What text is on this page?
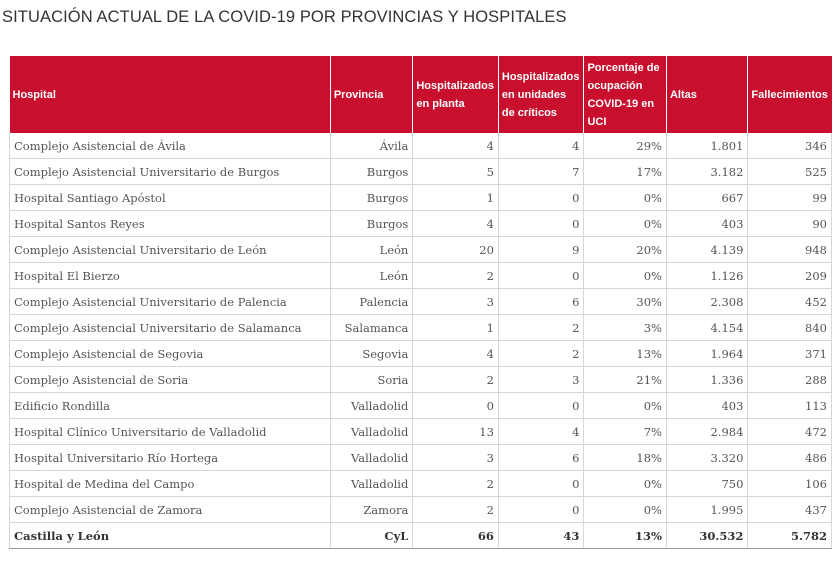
SITUACIÓN ACTUAL DE LA COVID-19 POR PROVINCIAS Y HOSPITALES
Hospital	Provincia	Hospitalizados en planta	Hospitalizados en unidades de críticos	Porcentaje de ocupación COVID-19 en UCI	Altas	Fallecimientos
Complejo Asistencial de Ávila	Ávila	4	4	29%	1.801	346
Complejo Asistencial Universitario de Burgos	Burgos	5	7	17%	3.182	525
Hospital Santiago Apóstol	Burgos	1	0	0%	667	99
Hospital Santos Reyes	Burgos	4	0	0%	403	90
Complejo Asistencial Universitario de León	León	20	9	20%	4.139	948
Hospital El Bierzo	León	2	0	0%	1.126	209
Complejo Asistencial Universitario de Palencia	Palencia	3	6	30%	2.308	452
Complejo Asistencial Universitario de Salamanca	Salamanca	1	2	3%	4.154	840
Complejo Asistencial de Segovia	Segovia	4	2	13%	1.964	371
Complejo Asistencial de Soria	Soria	2	3	21%	1.336	288
Edificio Rondilla	Valladolid	0	0	0%	403	113
Hospital Clínico Universitario de Valladolid	Valladolid	13	4	7%	2.984	472
Hospital Universitario Río Hortega	Valladolid	3	6	18%	3.320	486
Hospital de Medina del Campo	Valladolid	2	0	0%	750	106
Complejo Asistencial de Zamora	Zamora	2	0	0%	1.995	437
Castilla y León	CyL	66	43	13%	30.532	5.782
